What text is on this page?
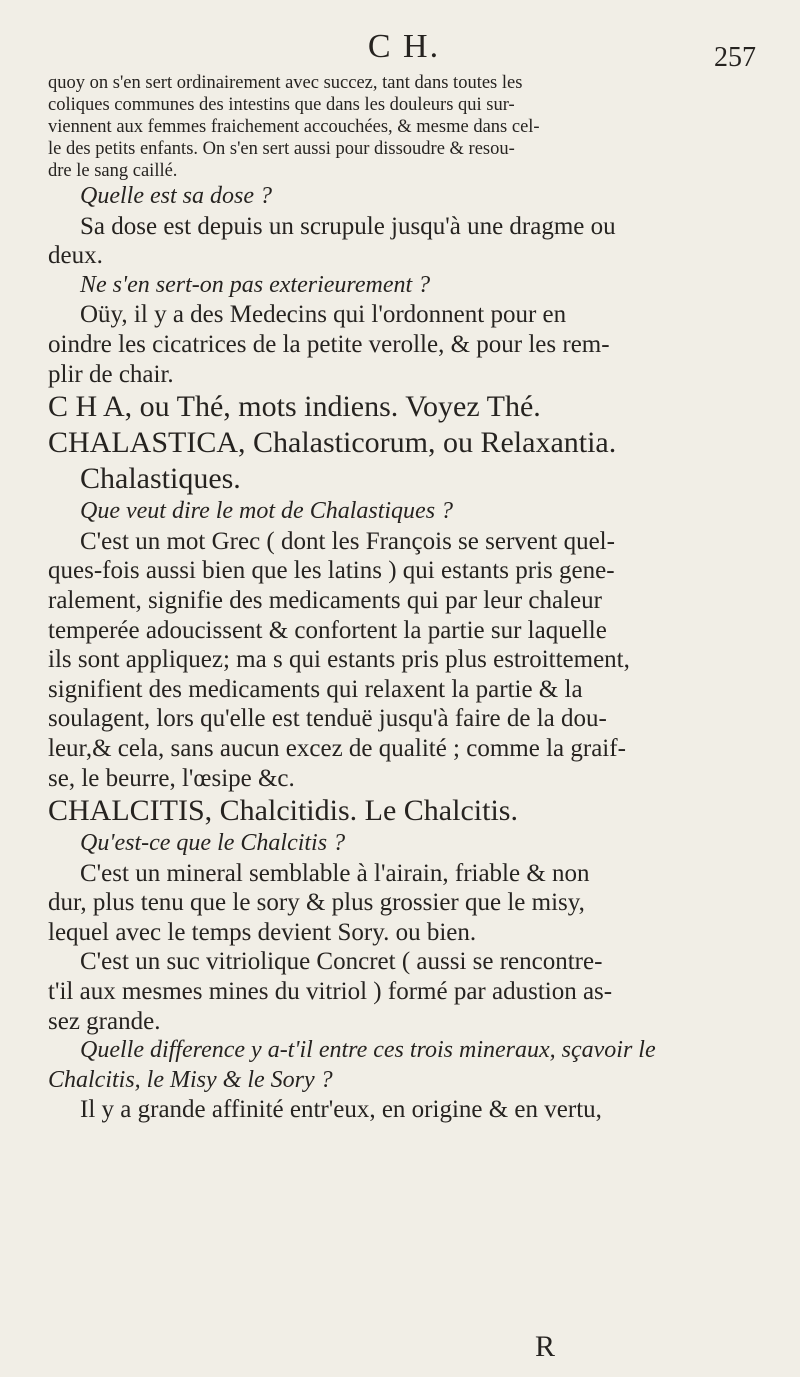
C H.	257
quoy on s'en sert ordinairement avec succez, tant dans toutes les
coliques communes des intestins que dans les douleurs qui sur-
viennent aux femmes fraichement accouchées, & mesme dans cel-
le des petits enfants. On s'en sert aussi pour dissoudre & resou-
dre le sang caillé.
Quelle est sa dose ?
Sa dose est depuis un scrupule jusqu'à une dragme ou
deux.
Ne s'en sert-on pas exterieurement ?
Oüy, il y a des Medecins qui l'ordonnent pour en
oindre les cicatrices de la petite verolle, & pour les rem-
plir de chair.
C H A, ou Thé, mots indiens. Voyez Thé.
CHALASTICA, Chalasticorum, ou Relaxantia.
Chalastiques.
Que veut dire le mot de Chalastiques ?
C'est un mot Grec ( dont les François se servent quel-
ques-fois aussi bien que les latins ) qui estants pris gene-
ralement, signifie des medicaments qui par leur chaleur
temperée adoucissent & confortent la partie sur laquelle
ils sont appliquez; ma s qui estants pris plus estroittement,
signifient des medicaments qui relaxent la partie & la
soulagent, lors qu'elle est tenduë jusqu'à faire de la dou-
leur,& cela, sans aucun excez de qualité ; comme la graif-
se, le beurre, l'œsipe &c.
CHALCITIS, Chalcitidis. Le Chalcitis.
Qu'est-ce que le Chalcitis ?
C'est un mineral semblable à l'airain, friable & non
dur, plus tenu que le sory & plus grossier que le misy,
lequel avec le temps devient Sory. ou bien.
C'est un suc vitriolique Concret ( aussi se rencontre-
t'il aux mesmes mines du vitriol ) formé par adustion as-
sez grande.
Quelle difference y a-t'il entre ces trois mineraux, sçavoir le
Chalcitis, le Misy & le Sory ?
Il y a grande affinité entr'eux, en origine & en vertu,
R
